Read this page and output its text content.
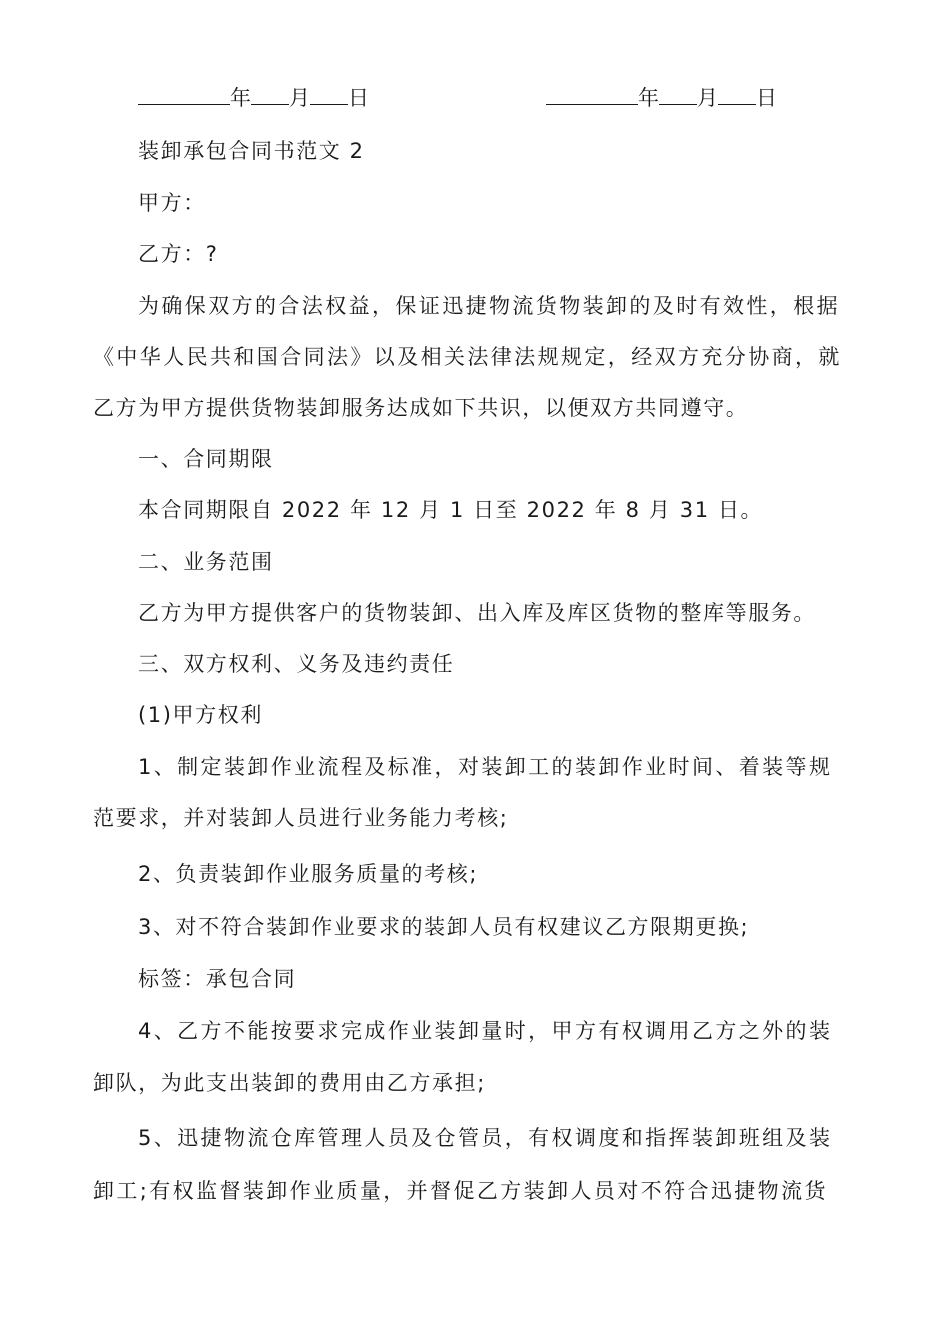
年 月 日	年 月 日
装卸承包合同书范文 2
甲方：
乙方：?
为确保双方的合法权益，保证迅捷物流货物装卸的及时有效性，根据
《中华人民共和国合同法》以及相关法律法规规定，经双方充分协商，就
乙方为甲方提供货物装卸服务达成如下共识，以便双方共同遵守。
一、合同期限
本合同期限自 2022 年 12 月 1 日至 2022 年 8 月 31 日。
二、业务范围
乙方为甲方提供客户的货物装卸、出入库及库区货物的整库等服务。
三、双方权利、义务及违约责任
(1)甲方权利
1、制定装卸作业流程及标准，对装卸工的装卸作业时间、着装等规
范要求，并对装卸人员进行业务能力考核;
2、负责装卸作业服务质量的考核;
3、对不符合装卸作业要求的装卸人员有权建议乙方限期更换;
标签：承包合同
4、乙方不能按要求完成作业装卸量时，甲方有权调用乙方之外的装
卸队，为此支出装卸的费用由乙方承担;
5、迅捷物流仓库管理人员及仓管员，有权调度和指挥装卸班组及装
卸工;有权监督装卸作业质量，并督促乙方装卸人员对不符合迅捷物流货
